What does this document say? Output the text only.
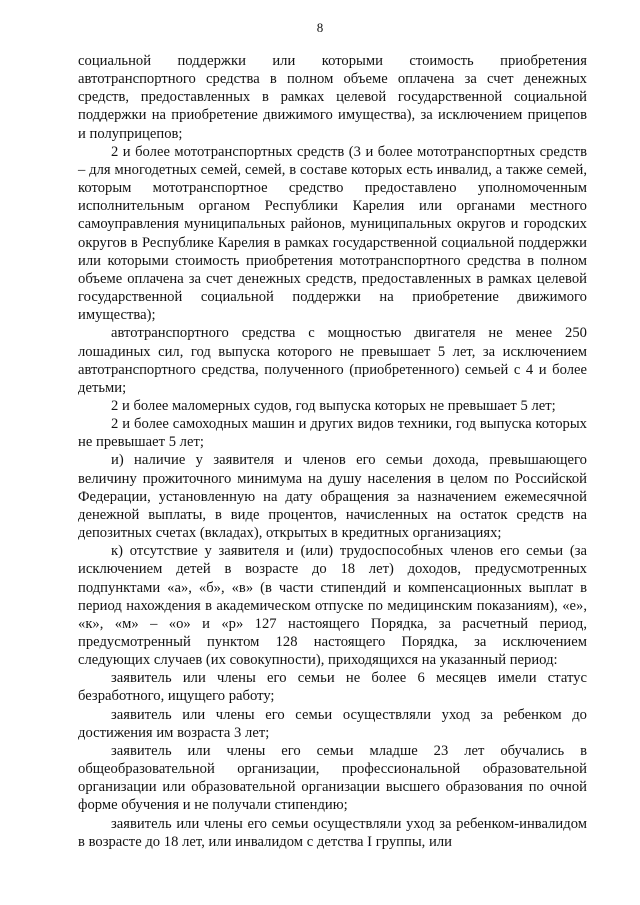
8

социальной поддержки или которыми стоимость приобретения автотранспортного средства в полном объеме оплачена за счет денежных средств, предоставленных в рамках целевой государственной социальной поддержки на приобретение движимого имущества), за исключением прицепов и полуприцепов;

2 и более мототранспортных средств (3 и более мототранспортных средств – для многодетных семей, семей, в составе которых есть инвалид, а также семей, которым мототранспортное средство предоставлено уполномоченным исполнительным органом Республики Карелия или органами местного самоуправления муниципальных районов, муниципальных округов и городских округов в Республике Карелия в рамках государственной социальной поддержки или которыми стоимость приобретения мототранспортного средства в полном объеме оплачена за счет денежных средств, предоставленных в рамках целевой государственной социальной поддержки на приобретение движимого имущества);

автотранспортного средства с мощностью двигателя не менее 250 лошадиных сил, год выпуска которого не превышает 5 лет, за исключением автотранспортного средства, полученного (приобретенного) семьей с 4 и более детьми;

2 и более маломерных судов, год выпуска которых не превышает 5 лет;

2 и более самоходных машин и других видов техники, год выпуска которых не превышает 5 лет;

и) наличие у заявителя и членов его семьи дохода, превышающего величину прожиточного минимума на душу населения в целом по Российской Федерации, установленную на дату обращения за назначением ежемесячной денежной выплаты, в виде процентов, начисленных на остаток средств на депозитных счетах (вкладах), открытых в кредитных организациях;

к) отсутствие у заявителя и (или) трудоспособных членов его семьи (за исключением детей в возрасте до 18 лет) доходов, предусмотренных подпунктами «а», «б», «в» (в части стипендий и компенсационных выплат в период нахождения в академическом отпуске по медицинским показаниям), «е», «к», «м» – «о» и «р» 127 настоящего Порядка, за расчетный период, предусмотренный пунктом 128 настоящего Порядка, за исключением следующих случаев (их совокупности), приходящихся на указанный период:

заявитель или члены его семьи не более 6 месяцев имели статус безработного, ищущего работу;

заявитель или члены его семьи осуществляли уход за ребенком до достижения им возраста 3 лет;

заявитель или члены его семьи младше 23 лет обучались в общеобразовательной организации, профессиональной образовательной организации или образовательной организации высшего образования по очной форме обучения и не получали стипендию;

заявитель или члены его семьи осуществляли уход за ребенком-инвалидом в возрасте до 18 лет, или инвалидом с детства I группы, или
